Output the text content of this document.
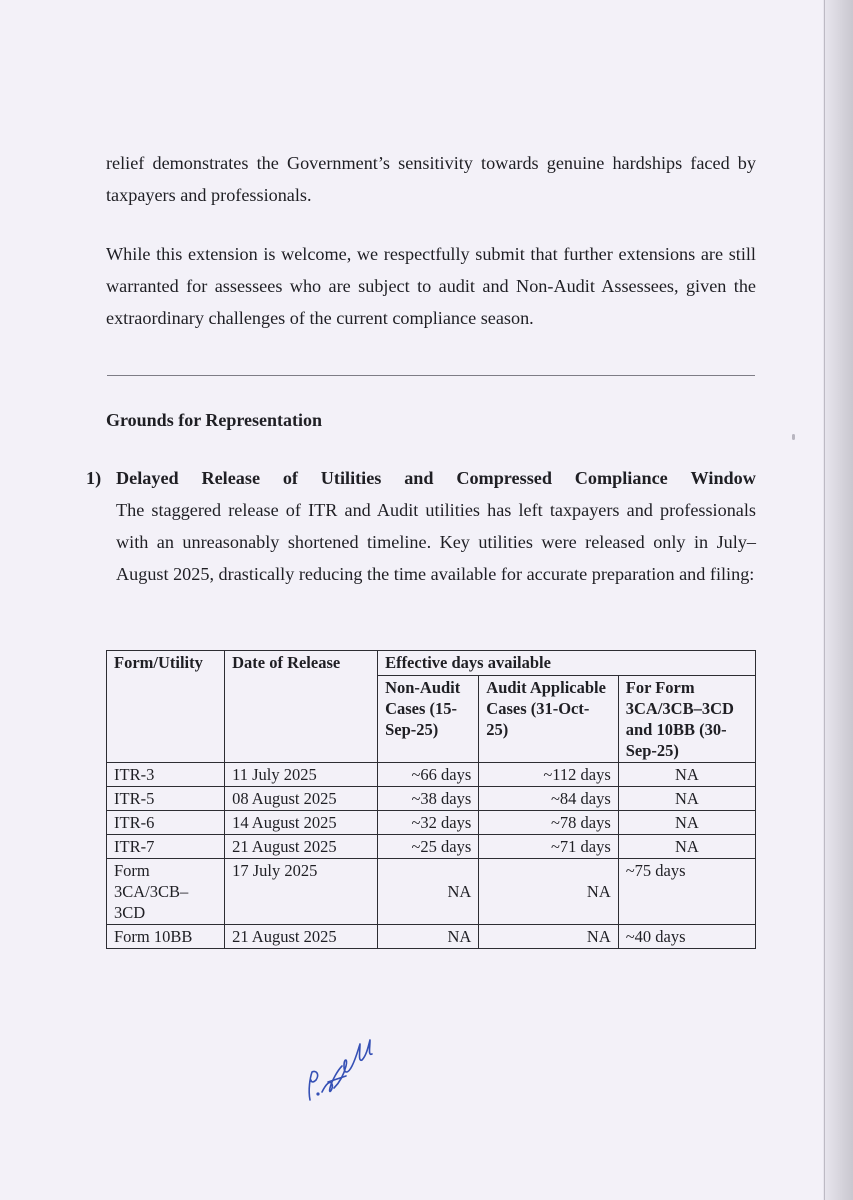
relief demonstrates the Government’s sensitivity towards genuine hardships faced by taxpayers and professionals.

While this extension is welcome, we respectfully submit that further extensions are still warranted for assessees who are subject to audit and Non-Audit Assessees, given the extraordinary challenges of the current compliance season.

Grounds for Representation
1) Delayed Release of Utilities and Compressed Compliance Window

The staggered release of ITR and Audit utilities has left taxpayers and professionals with an unreasonably shortened timeline. Key utilities were released only in July–August 2025, drastically reducing the time available for accurate preparation and filing:

Form/Utility	Date of Release	Effective days available		
		Non-Audit Cases (15-Sep-25)	Audit Applicable Cases (31-Oct-25)	For Form 3CA/3CB–3CD and 10BB (30-Sep-25)
ITR-3	11 July 2025	~66 days	~112 days	NA
ITR-5	08 August 2025	~38 days	~84 days	NA
ITR-6	14 August 2025	~32 days	~78 days	NA
ITR-7	21 August 2025	~25 days	~71 days	NA
Form 3CA/3CB–3CD	17 July 2025	NA	NA	~75 days
Form 10BB	21 August 2025	NA	NA	~40 days
